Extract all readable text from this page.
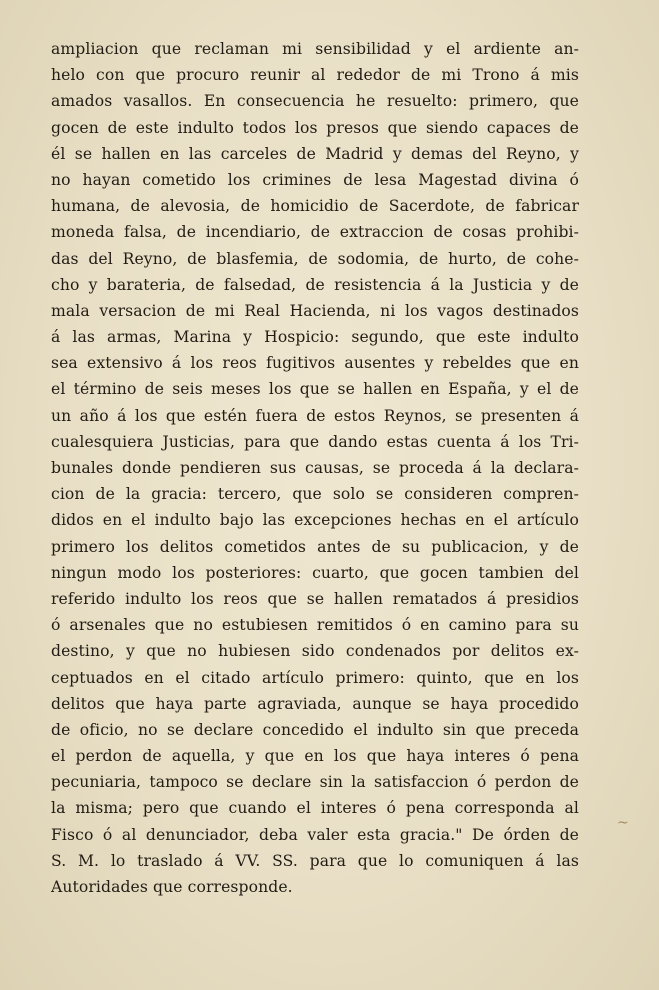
ampliacion que reclaman mi sensibilidad y el ardiente an-
helo con que procuro reunir al rededor de mi Trono á mis
amados vasallos. En consecuencia he resuelto: primero, que
gocen de este indulto todos los presos que siendo capaces de
él se hallen en las carceles de Madrid y demas del Reyno, y
no hayan cometido los crimines de lesa Magestad divina ó
humana, de alevosia, de homicidio de Sacerdote, de fabricar
moneda falsa, de incendiario, de extraccion de cosas prohibi-
das del Reyno, de blasfemia, de sodomia, de hurto, de cohe-
cho y barateria, de falsedad, de resistencia á la Justicia y de
mala versacion de mi Real Hacienda, ni los vagos destinados
á las armas, Marina y Hospicio: segundo, que este indulto
sea extensivo á los reos fugitivos ausentes y rebeldes que en
el término de seis meses los que se hallen en España, y el de
un año á los que estén fuera de estos Reynos, se presenten á
cualesquiera Justicias, para que dando estas cuenta á los Tri-
bunales donde pendieren sus causas, se proceda á la declara-
cion de la gracia: tercero, que solo se consideren compren-
didos en el indulto bajo las excepciones hechas en el artículo
primero los delitos cometidos antes de su publicacion, y de
ningun modo los posteriores: cuarto, que gocen tambien del
referido indulto los reos que se hallen rematados á presidios
ó arsenales que no estubiesen remitidos ó en camino para su
destino, y que no hubiesen sido condenados por delitos ex-
ceptuados en el citado artículo primero: quinto, que en los
delitos que haya parte agraviada, aunque se haya procedido
de oficio, no se declare concedido el indulto sin que preceda
el perdon de aquella, y que en los que haya interes ó pena
pecuniaria, tampoco se declare sin la satisfaccion ó perdon de
la misma; pero que cuando el interes ó pena corresponda al
Fisco ó al denunciador, deba valer esta gracia." De órden de
S. M. lo traslado á VV. SS. para que lo comuniquen á las
Autoridades que corresponde.
~
